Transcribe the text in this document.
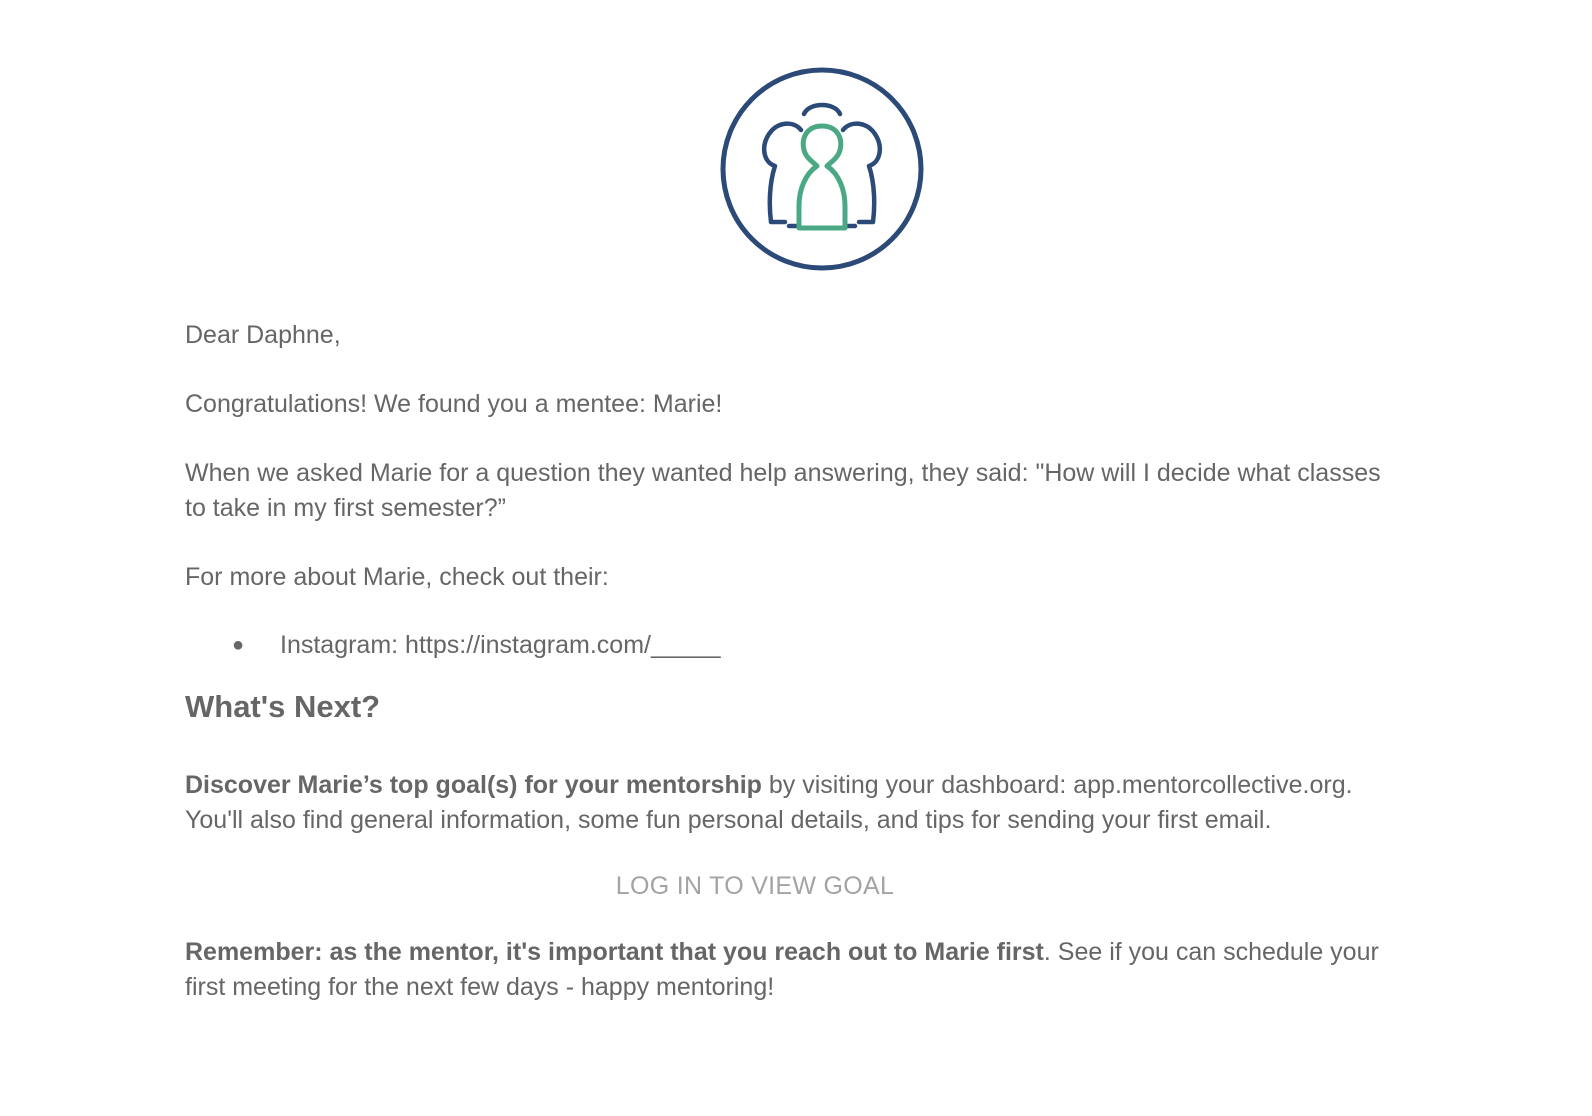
Dear Daphne,

Congratulations! We found you a mentee: Marie!

When we asked Marie for a question they wanted help answering, they said: "How will I decide what classes to take in my first semester?”

For more about Marie, check out their:

● Instagram: https://instagram.com/_____
What's Next?

Discover Marie’s top goal(s) for your mentorship by visiting your dashboard: app.mentorcollective.org. You'll also find general information, some fun personal details, and tips for sending your first email.

LOG IN TO VIEW GOAL

Remember: as the mentor, it's important that you reach out to Marie first. See if you can schedule your first meeting for the next few days - happy mentoring!
